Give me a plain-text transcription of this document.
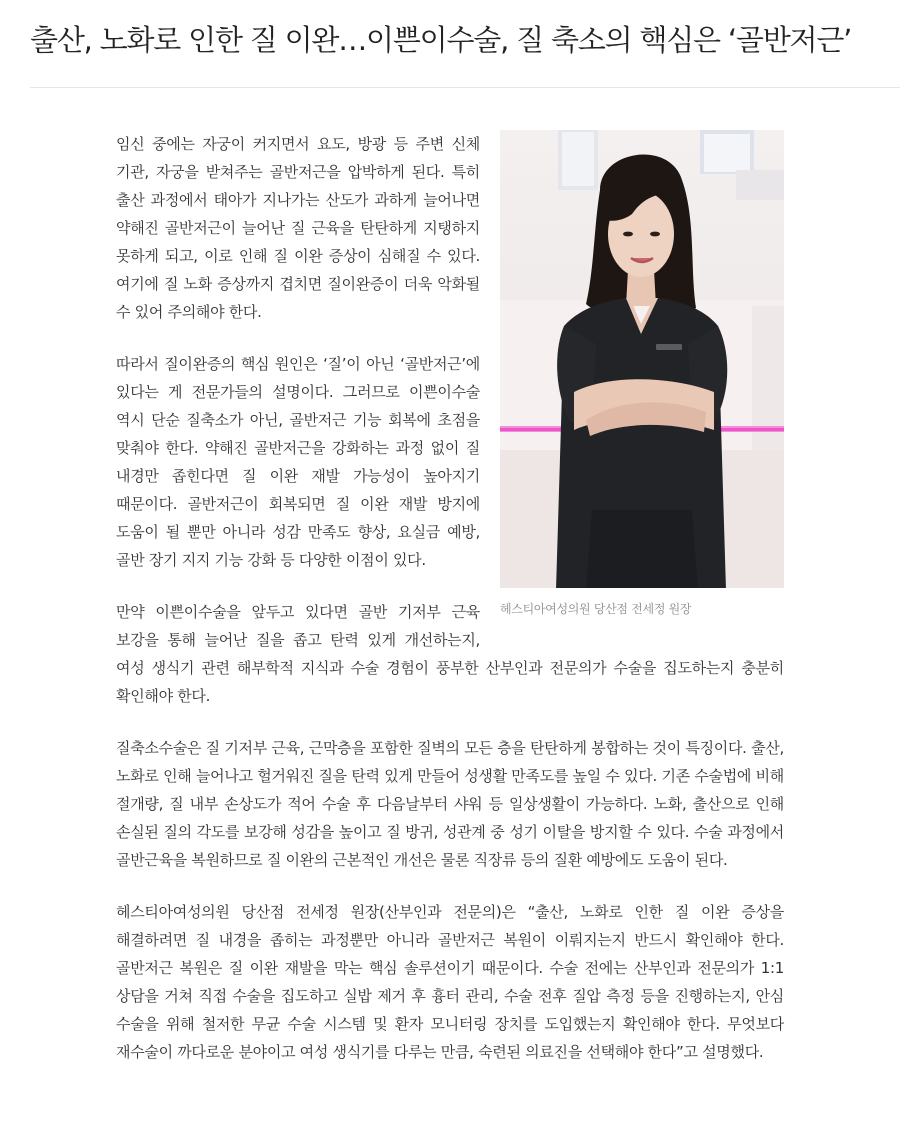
출산, 노화로 인한 질 이완…이쁜이수술, 질 축소의 핵심은 ‘골반저근’
헤스티아여성의원 당산점 전세정 원장

임신 중에는 자궁이 커지면서 요도, 방광 등 주변 신체 기관, 자궁을 받쳐주는 골반저근을 압박하게 된다. 특히 출산 과정에서 태아가 지나가는 산도가 과하게 늘어나면 약해진 골반저근이 늘어난 질 근육을 탄탄하게 지탱하지 못하게 되고, 이로 인해 질 이완 증상이 심해질 수 있다. 여기에 질 노화 증상까지 겹치면 질이완증이 더욱 악화될 수 있어 주의해야 한다.

따라서 질이완증의 핵심 원인은 ‘질’이 아닌 ‘골반저근’에 있다는 게 전문가들의 설명이다. 그러므로 이쁜이수술 역시 단순 질축소가 아닌, 골반저근 기능 회복에 초점을 맞춰야 한다. 약해진 골반저근을 강화하는 과정 없이 질 내경만 좁힌다면 질 이완 재발 가능성이 높아지기 때문이다. 골반저근이 회복되면 질 이완 재발 방지에 도움이 될 뿐만 아니라 성감 만족도 향상, 요실금 예방, 골반 장기 지지 기능 강화 등 다양한 이점이 있다.

만약 이쁜이수술을 앞두고 있다면 골반 기저부 근육 보강을 통해 늘어난 질을 좁고 탄력 있게 개선하는지, 여성 생식기 관련 해부학적 지식과 수술 경험이 풍부한 산부인과 전문의가 수술을 집도하는지 충분히 확인해야 한다.

질축소수술은 질 기저부 근육, 근막층을 포함한 질벽의 모든 층을 탄탄하게 봉합하는 것이 특징이다. 출산, 노화로 인해 늘어나고 헐거워진 질을 탄력 있게 만들어 성생활 만족도를 높일 수 있다. 기존 수술법에 비해 절개량, 질 내부 손상도가 적어 수술 후 다음날부터 샤워 등 일상생활이 가능하다. 노화, 출산으로 인해 손실된 질의 각도를 보강해 성감을 높이고 질 방귀, 성관계 중 성기 이탈을 방지할 수 있다. 수술 과정에서 골반근육을 복원하므로 질 이완의 근본적인 개선은 물론 직장류 등의 질환 예방에도 도움이 된다.

헤스티아여성의원 당산점 전세정 원장(산부인과 전문의)은 “출산, 노화로 인한 질 이완 증상을 해결하려면 질 내경을 좁히는 과정뿐만 아니라 골반저근 복원이 이뤄지는지 반드시 확인해야 한다. 골반저근 복원은 질 이완 재발을 막는 핵심 솔루션이기 때문이다. 수술 전에는 산부인과 전문의가 1:1 상담을 거쳐 직접 수술을 집도하고 실밥 제거 후 흉터 관리, 수술 전후 질압 측정 등을 진행하는지, 안심 수술을 위해 철저한 무균 수술 시스템 및 환자 모니터링 장치를 도입했는지 확인해야 한다. 무엇보다 재수술이 까다로운 분야이고 여성 생식기를 다루는 만큼, 숙련된 의료진을 선택해야 한다”고 설명했다.
